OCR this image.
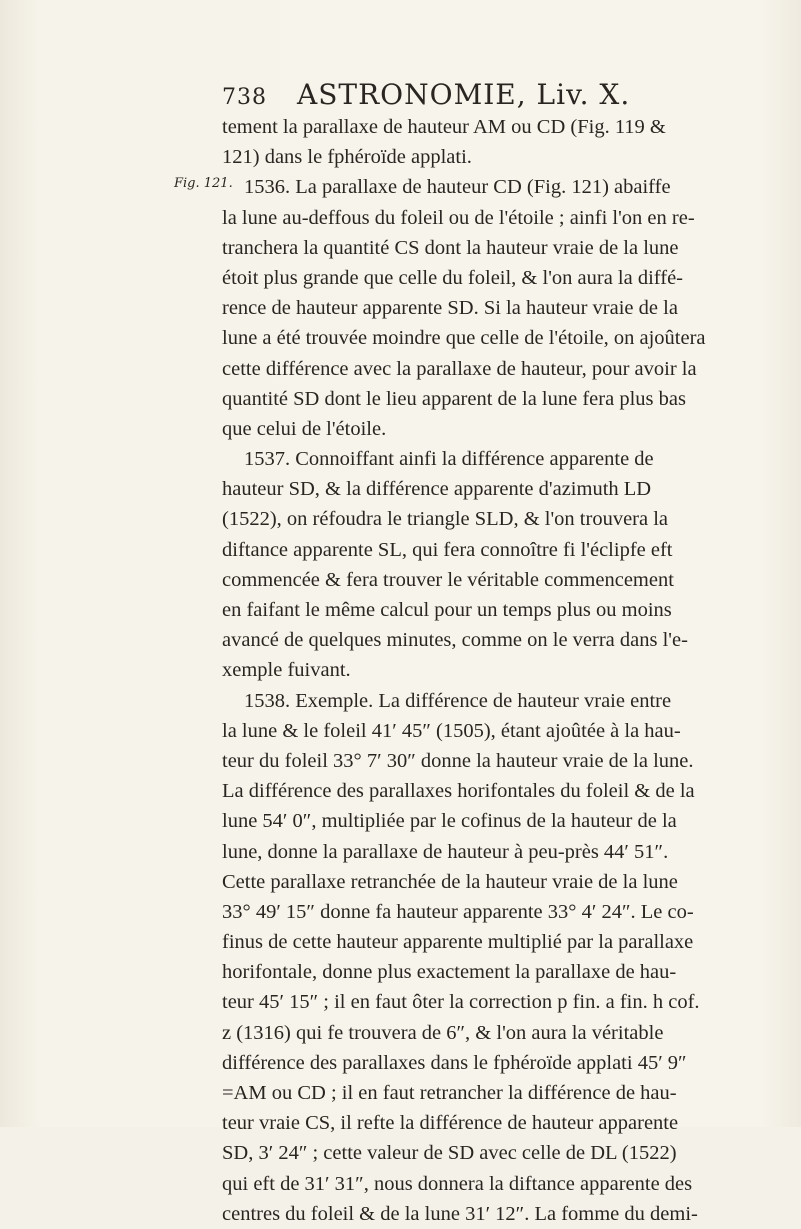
738 ASTRONOMIE, Liv. X.
Fig. 121.
tement la parallaxe de hauteur AM ou CD (Fig. 119 &
121) dans le fphéroïde applati.
1536. La parallaxe de hauteur CD (Fig. 121) abaiffe
la lune au-deffous du foleil ou de l'étoile ; ainfi l'on en re-
tranchera la quantité CS dont la hauteur vraie de la lune
étoit plus grande que celle du foleil, & l'on aura la diffé-
rence de hauteur apparente SD. Si la hauteur vraie de la
lune a été trouvée moindre que celle de l'étoile, on ajoûtera
cette différence avec la parallaxe de hauteur, pour avoir la
quantité SD dont le lieu apparent de la lune fera plus bas
que celui de l'étoile.
1537. Connoiffant ainfi la différence apparente de
hauteur SD, & la différence apparente d'azimuth LD
(1522), on réfoudra le triangle SLD, & l'on trouvera la
diftance apparente SL, qui fera connoître fi l'éclipfe eft
commencée & fera trouver le véritable commencement
en faifant le même calcul pour un temps plus ou moins
avancé de quelques minutes, comme on le verra dans l'e-
xemple fuivant.
1538. Exemple. La différence de hauteur vraie entre
la lune & le foleil 41′ 45″ (1505), étant ajoûtée à la hau-
teur du foleil 33° 7′ 30″ donne la hauteur vraie de la lune.
La différence des parallaxes horifontales du foleil & de la
lune 54′ 0″, multipliée par le cofinus de la hauteur de la
lune, donne la parallaxe de hauteur à peu-près 44′ 51″.
Cette parallaxe retranchée de la hauteur vraie de la lune
33° 49′ 15″ donne fa hauteur apparente 33° 4′ 24″. Le co-
finus de cette hauteur apparente multiplié par la parallaxe
horifontale, donne plus exactement la parallaxe de hau-
teur 45′ 15″ ; il en faut ôter la correction p fin. a fin. h cof.
z (1316) qui fe trouvera de 6″, & l'on aura la véritable
différence des parallaxes dans le fphéroïde applati 45′ 9″
=AM ou CD ; il en faut retrancher la différence de hau-
teur vraie CS, il refte la différence de hauteur apparente
SD, 3′ 24″ ; cette valeur de SD avec celle de DL (1522)
qui eft de 31′ 31″, nous donnera la diftance apparente des
centres du foleil & de la lune 31′ 12″. La fomme du demi-
